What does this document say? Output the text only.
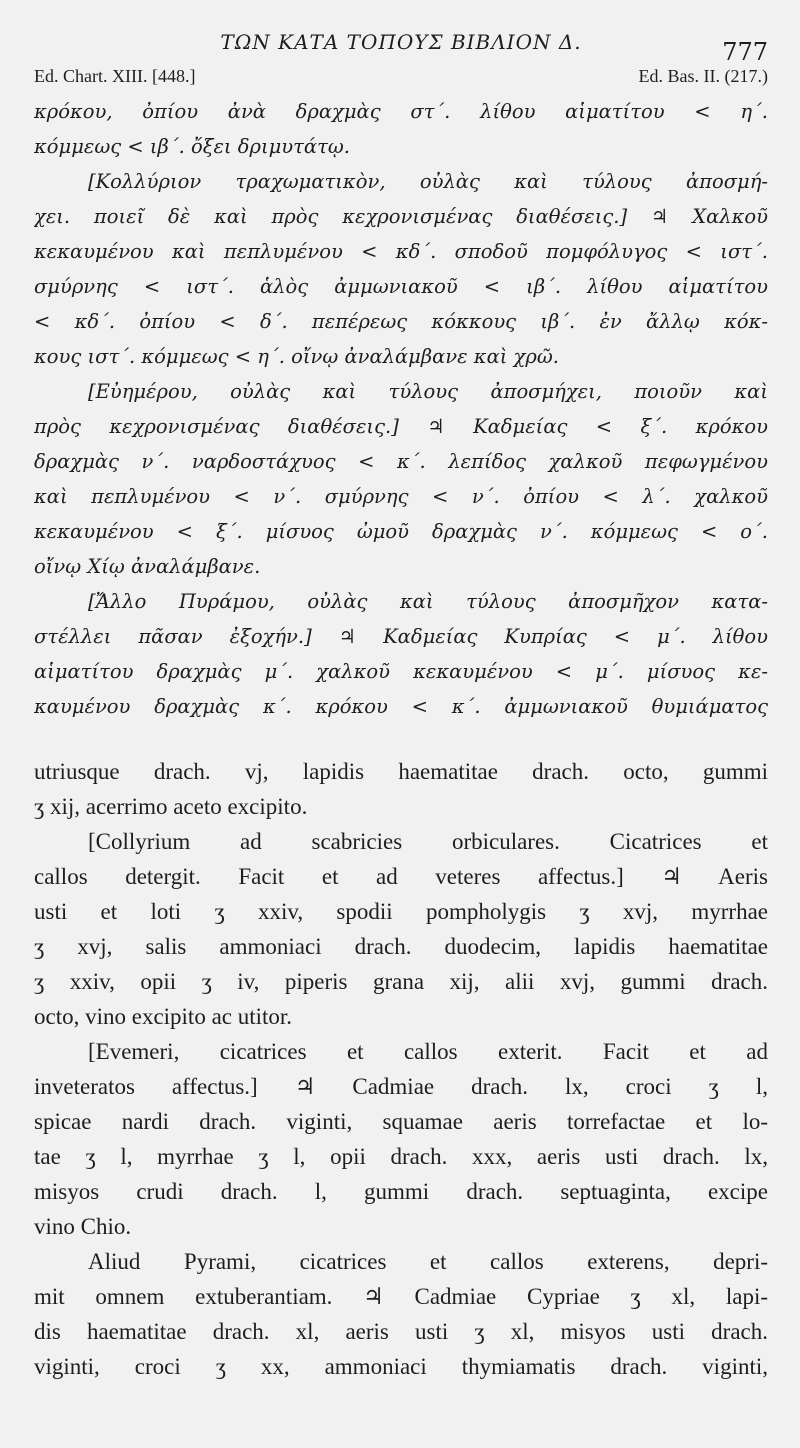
ΤΩΝ ΚΑΤΑ ΤΟΠΟΥΣ ΒΙΒΛΙΟΝ Δ.	777
Ed. Chart. XIII. [448.]	Ed. Bas. II. (217.)
κρόκου, ὀπίου ἀνὰ δραχμὰς στ΄. λίθου αἱματίτου < η΄.
κόμμεως < ιβ΄. ὄξει δριμυτάτῳ.
[Κολλύριον τραχωματικὸν, οὐλὰς καὶ τύλους ἀποσμή-
χει. ποιεῖ δὲ καὶ πρὸς κεχρονισμένας διαθέσεις.] ♃ Χαλκοῦ
κεκαυμένου καὶ πεπλυμένου < κδ΄. σποδοῦ πομφόλυγος < ιστ΄.
σμύρνης < ιστ΄. ἁλὸς ἀμμωνιακοῦ < ιβ΄. λίθου αἱματίτου
< κδ΄. ὀπίου < δ΄. πεπέρεως κόκκους ιβ΄. ἐν ἄλλῳ κόκ-
κους ιστ΄. κόμμεως < η΄. οἴνῳ ἀναλάμβανε καὶ χρῶ.
[Εὐημέρου, οὐλὰς καὶ τύλους ἀποσμήχει, ποιοῦν καὶ
πρὸς κεχρονισμένας διαθέσεις.] ♃ Καδμείας < ξ΄. κρόκου
δραχμὰς ν΄. ναρδοστάχυος < κ΄. λεπίδος χαλκοῦ πεφωγμένου
καὶ πεπλυμένου < ν΄. σμύρνης < ν΄. ὀπίου < λ΄. χαλκοῦ
κεκαυμένου < ξ΄. μίσυος ὠμοῦ δραχμὰς ν΄. κόμμεως < ο΄.
οἴνῳ Χίῳ ἀναλάμβανε.
[Ἄλλο Πυράμου, οὐλὰς καὶ τύλους ἀποσμῆχον κατα-
στέλλει πᾶσαν ἐξοχήν.] ♃ Καδμείας Κυπρίας < μ΄. λίθου
αἱματίτου δραχμὰς μ΄. χαλκοῦ κεκαυμένου < μ΄. μίσυος κε-
καυμένου δραχμὰς κ΄. κρόκου < κ΄. ἀμμωνιακοῦ θυμιάματος
utriusque drach. vj, lapidis haematitae drach. octo, gummi
ʒ xij, acerrimo aceto excipito.
[Collyrium ad scabricies orbiculares. Cicatrices et
callos detergit. Facit et ad veteres affectus.] ♃ Aeris
usti et loti ʒ xxiv, spodii pompholygis ʒ xvj, myrrhae
ʒ xvj, salis ammoniaci drach. duodecim, lapidis haematitae
ʒ xxiv, opii ʒ iv, piperis grana xij, alii xvj, gummi drach.
octo, vino excipito ac utitor.
[Evemeri, cicatrices et callos exterit. Facit et ad
inveteratos affectus.] ♃ Cadmiae drach. lx, croci ʒ l,
spicae nardi drach. viginti, squamae aeris torrefactae et lo-
tae ʒ l, myrrhae ʒ l, opii drach. xxx, aeris usti drach. lx,
misyos crudi drach. l, gummi drach. septuaginta, excipe
vino Chio.
Aliud Pyrami, cicatrices et callos exterens, depri-
mit omnem extuberantiam. ♃ Cadmiae Cypriae ʒ xl, lapi-
dis haematitae drach. xl, aeris usti ʒ xl, misyos usti drach.
viginti, croci ʒ xx, ammoniaci thymiamatis drach. viginti,
